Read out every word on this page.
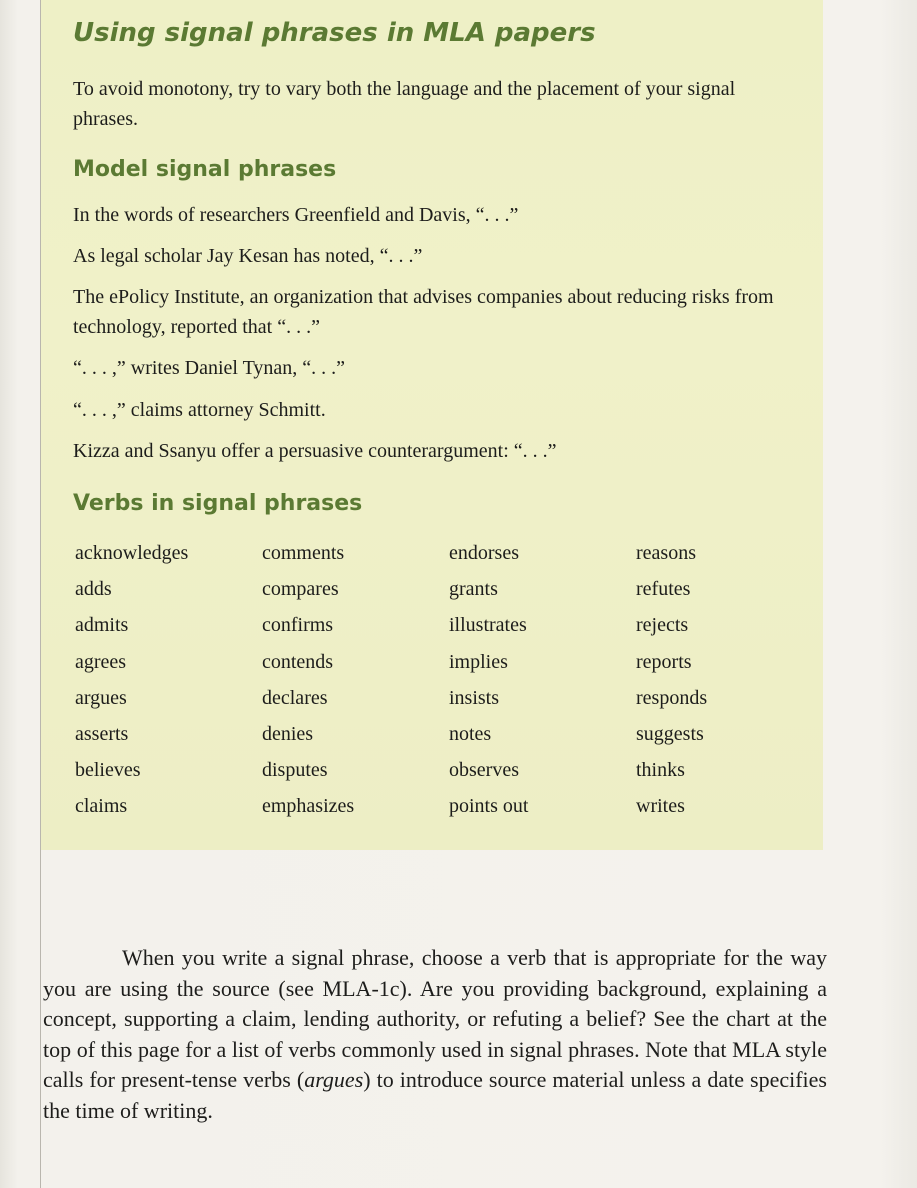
Using signal phrases in MLA papers

To avoid monotony, try to vary both the language and the placement of your signal phrases.

Model signal phrases

In the words of researchers Greenfield and Davis, “. . .”

As legal scholar Jay Kesan has noted, “. . .”

The ePolicy Institute, an organization that advises companies about reducing risks from technology, reported that “. . .”

“. . . ,” writes Daniel Tynan, “. . .”

“. . . ,” claims attorney Schmitt.

Kizza and Ssanyu offer a persuasive counterargument: “. . .”

Verbs in signal phrases
acknowledges
adds
admits
agrees
argues
asserts
believes
claims
comments
compares
confirms
contends
declares
denies
disputes
emphasizes
endorses
grants
illustrates
implies
insists
notes
observes
points out
reasons
refutes
rejects
reports
responds
suggests
thinks
writes

When you write a signal phrase, choose a verb that is appropriate for the way you are using the source (see MLA-1c). Are you providing background, explaining a concept, supporting a claim, lending authority, or refuting a belief? See the chart at the top of this page for a list of verbs commonly used in signal phrases. Note that MLA style calls for present-tense verbs (argues) to introduce source material unless a date specifies the time of writing.
